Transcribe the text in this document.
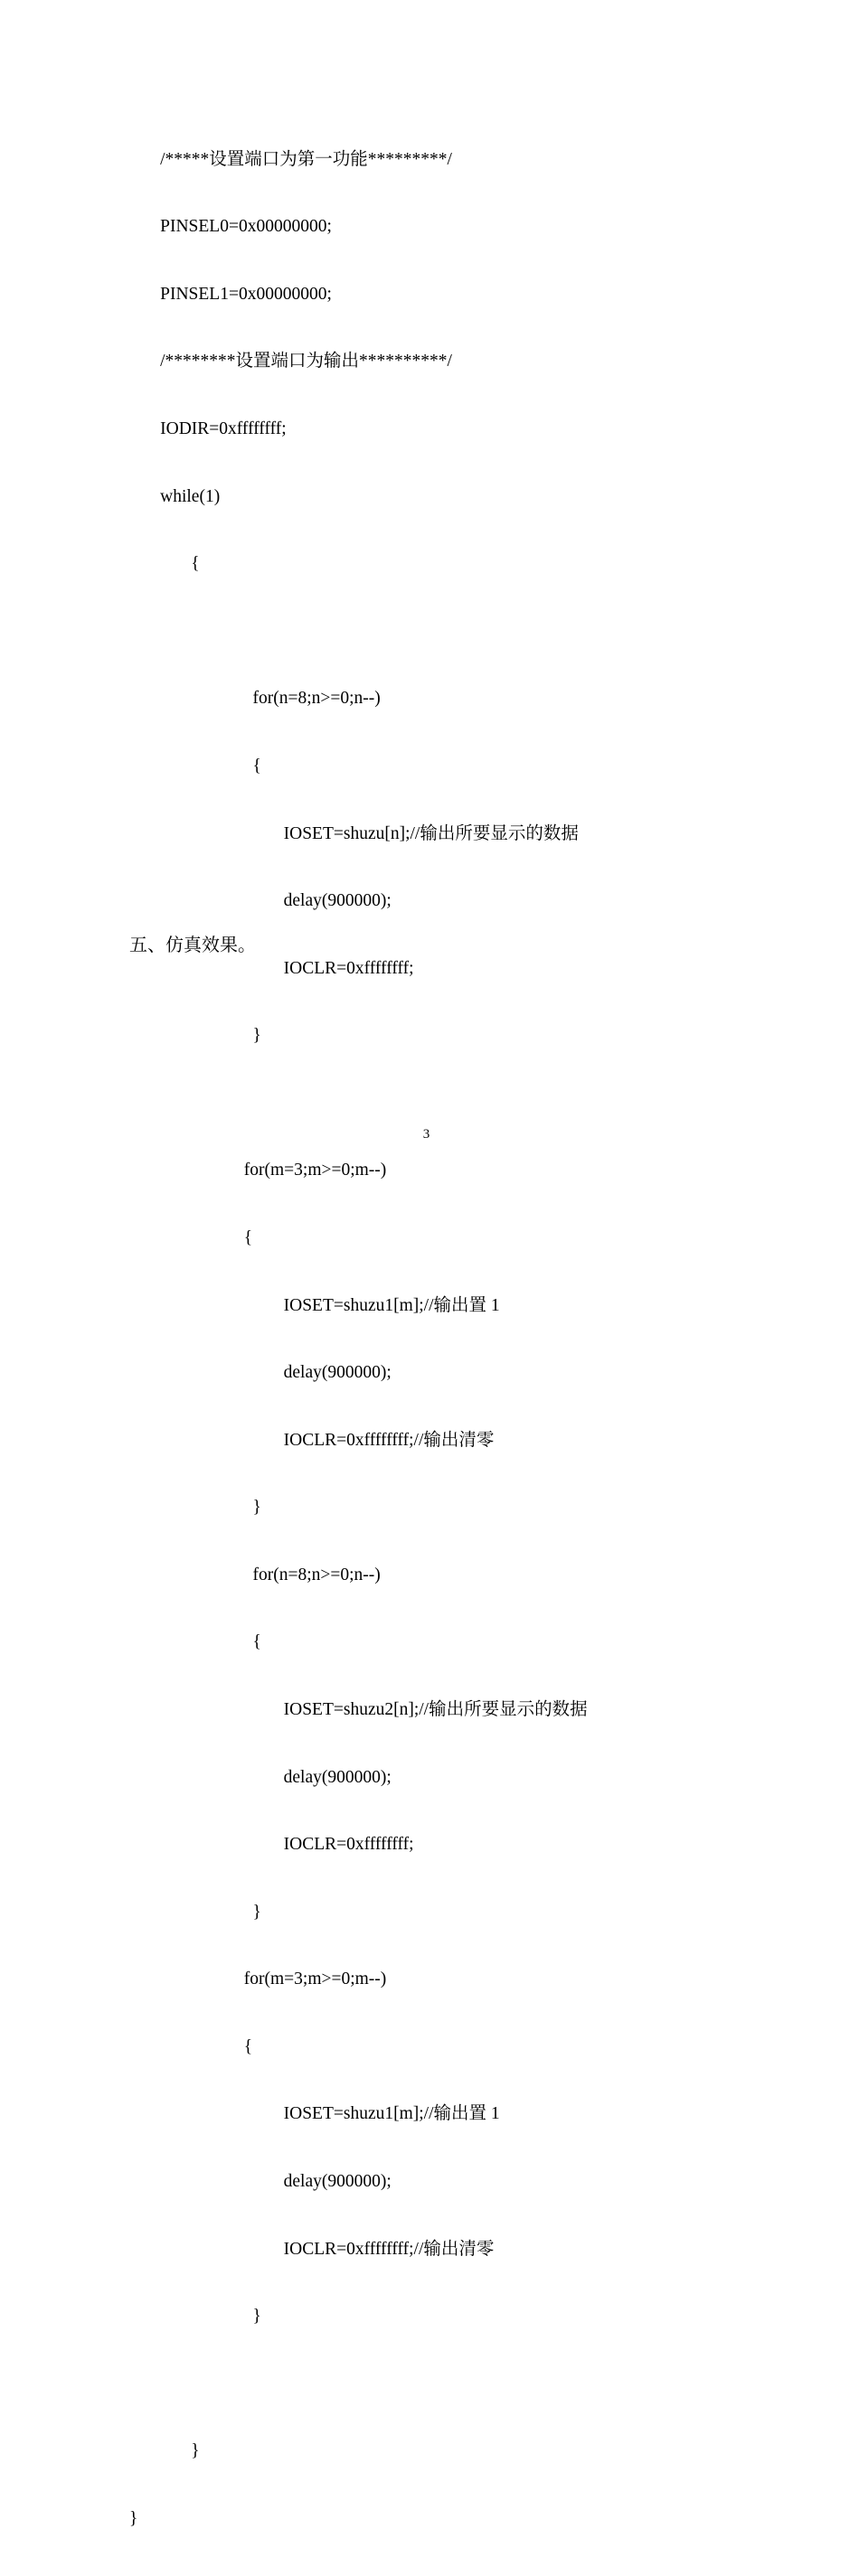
/*****设置端口为第一功能*********/

PINSEL0=0x00000000;

PINSEL1=0x00000000;

/********设置端口为输出**********/

IODIR=0xffffffff;

while(1)

{

for(n=8;n>=0;n--)

{

IOSET=shuzu[n];//输出所要显示的数据

delay(900000);

IOCLR=0xffffffff;

}

for(m=3;m>=0;m--)

{

IOSET=shuzu1[m];//输出置 1

delay(900000);

IOCLR=0xffffffff;//输出清零

}

for(n=8;n>=0;n--)

{

IOSET=shuzu2[n];//输出所要显示的数据

delay(900000);

IOCLR=0xffffffff;

}

for(m=3;m>=0;m--)

{

IOSET=shuzu1[m];//输出置 1

delay(900000);

IOCLR=0xffffffff;//输出清零

}

}

}

五、仿真效果。
3
